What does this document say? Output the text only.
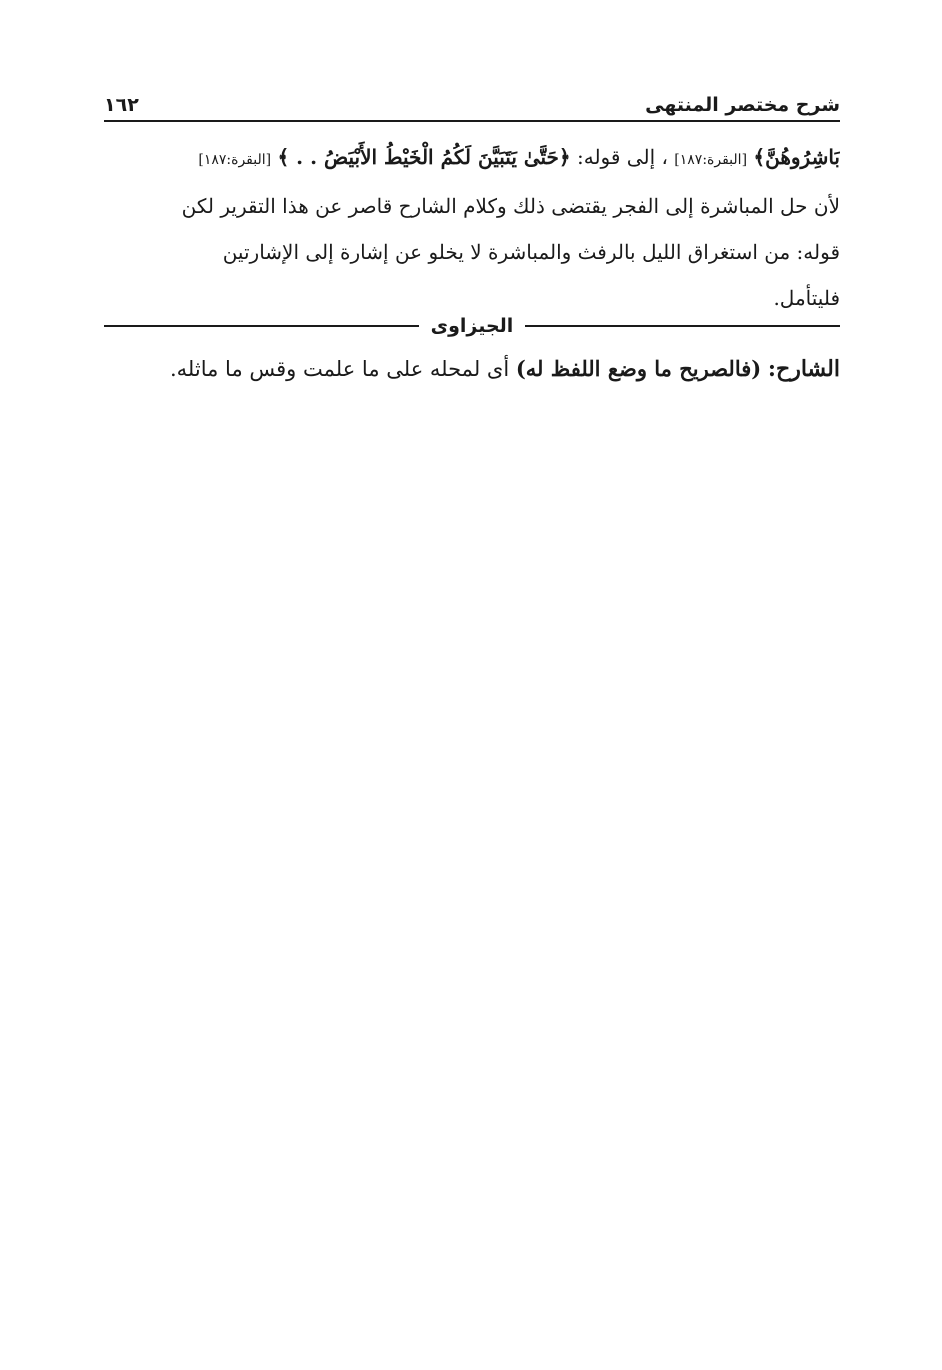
شرح مختصر المنتهى
١٦٢
بَاشِرُوهُنَّ﴾ [البقرة:١٨٧] ، إلى قوله: ﴿حَتَّىٰ يَتَبَيَّنَ لَكُمُ الْخَيْطُ الأَبْيَضُ . . ﴾ [البقرة:١٨٧]
لأن حل المباشرة إلى الفجر يقتضى ذلك وكلام الشارح قاصر عن هذا التقرير لكن
قوله: من استغراق الليل بالرفث والمباشرة لا يخلو عن إشارة إلى الإشارتين
فليتأمل.
الجيزاوى
الشارح: (فالصريح ما وضع اللفظ له) أى لمحله على ما علمت وقس ما ماثله.
